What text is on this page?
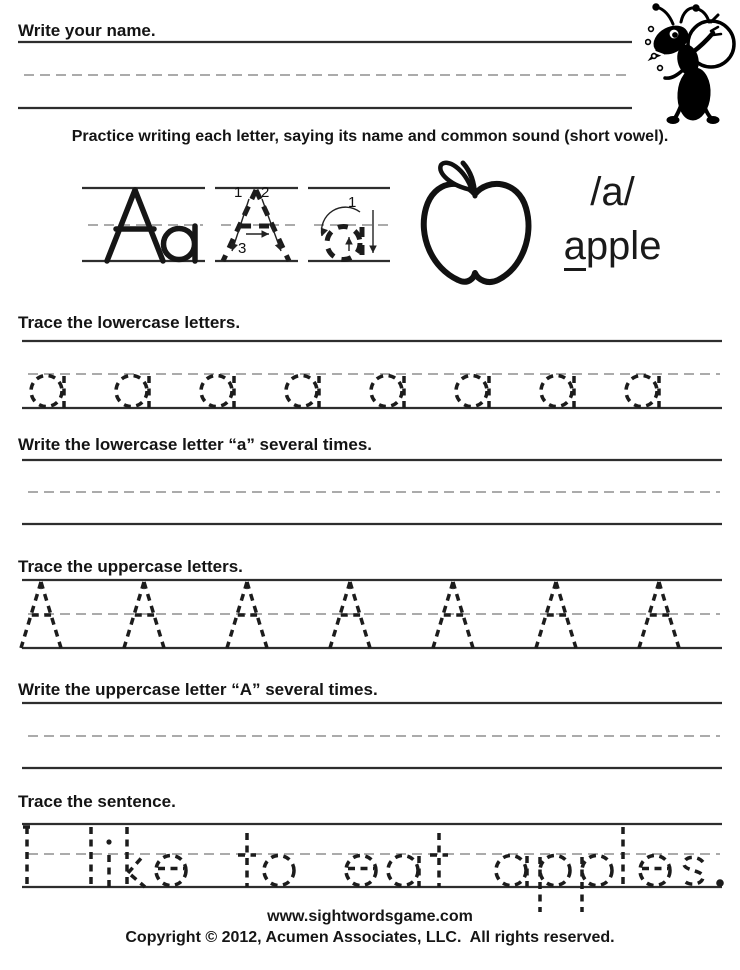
1 2
3
1
Write your name.
Practice writing each letter, saying its name and common sound (short vowel).
/a/
apple
Trace the lowercase letters.
Write the lowercase letter “a” several times.
Trace the uppercase letters.
Write the uppercase letter “A” several times.
Trace the sentence.
www.sightwordsgame.com
Copyright © 2012, Acumen Associates, LLC.  All rights reserved.
